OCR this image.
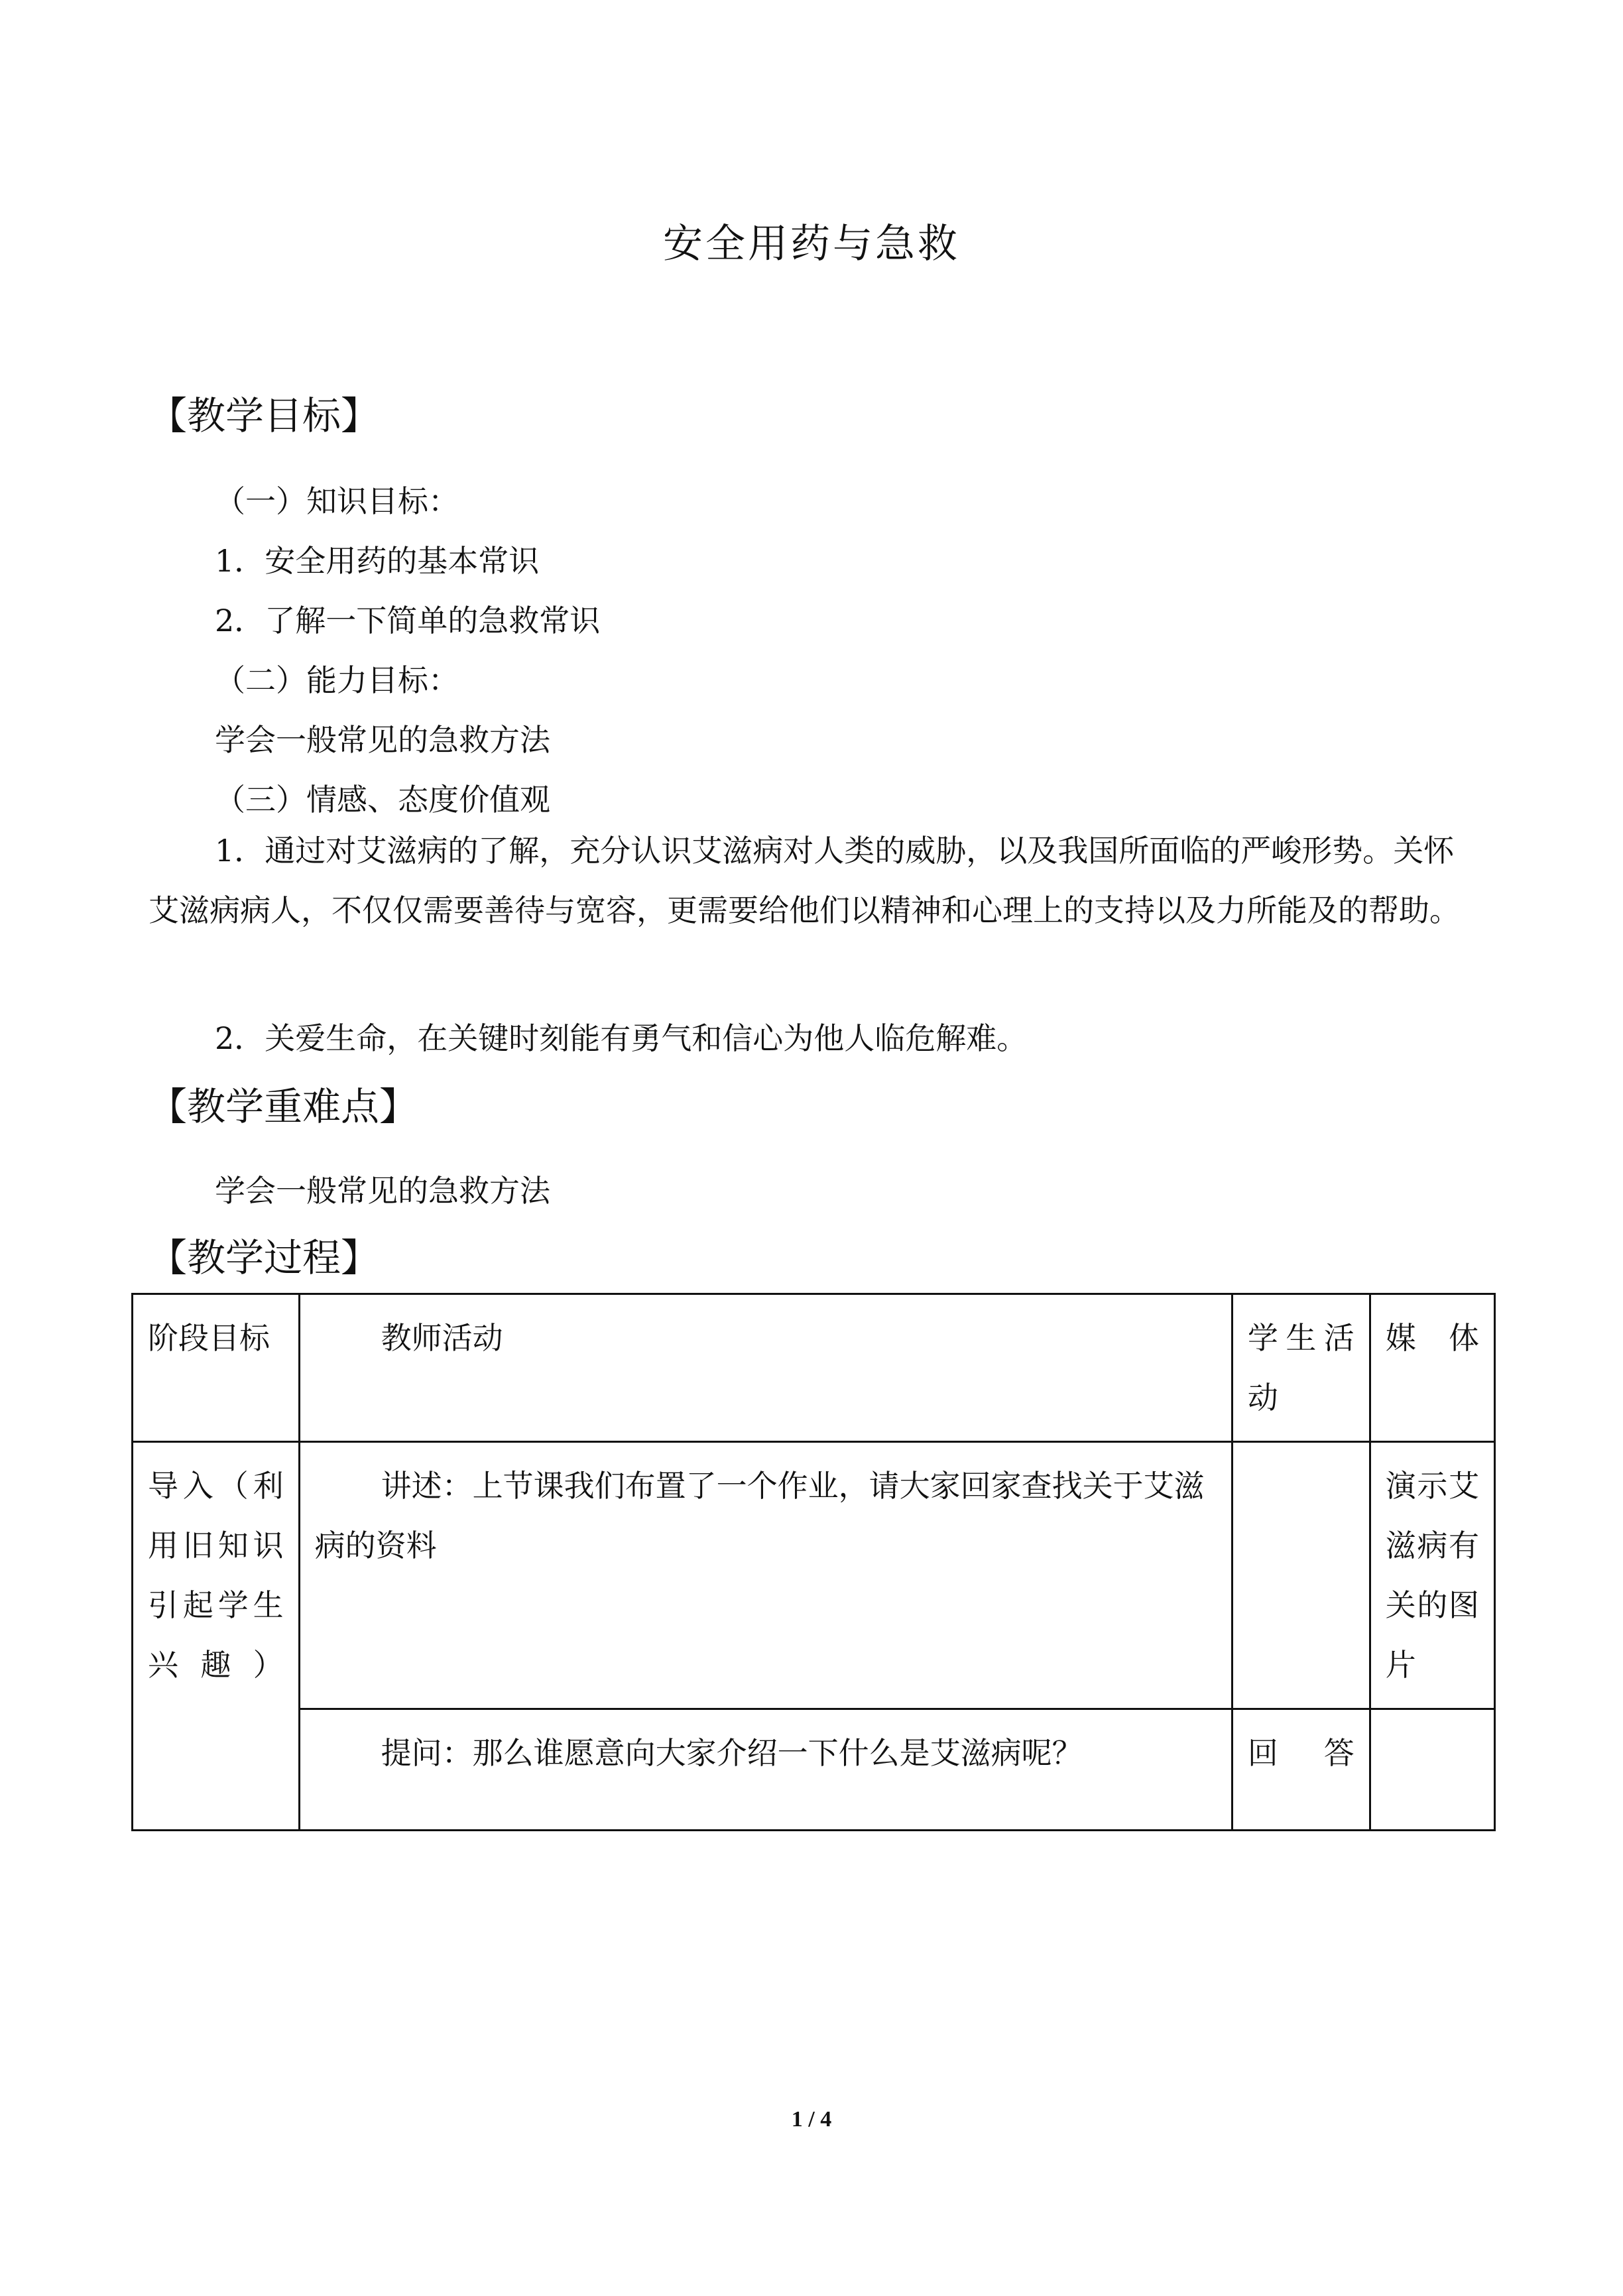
安全用药与急救
【教学目标】
（一）知识目标：
1．安全用药的基本常识
2．了解一下简单的急救常识
（二）能力目标：
学会一般常见的急救方法
（三）情感、态度价值观
1．通过对艾滋病的了解，充分认识艾滋病对人类的威胁，以及我国所面临的严峻形势。关怀艾滋病病人，不仅仅需要善待与宽容，更需要给他们以精神和心理上的支持以及力所能及的帮助。
2．关爱生命，在关键时刻能有勇气和信心为他人临危解难。
【教学重难点】
学会一般常见的急救方法
【教学过程】
阶段目标	教师活动	学生活动	媒体
导入（利用旧知识引起学生兴趣）	讲述：上节课我们布置了一个作业，请大家回家查找关于艾滋病的资料		演示艾滋病有关的图片
	提问：那么谁愿意向大家介绍一下什么是艾滋病呢？	回答	
1 / 4
